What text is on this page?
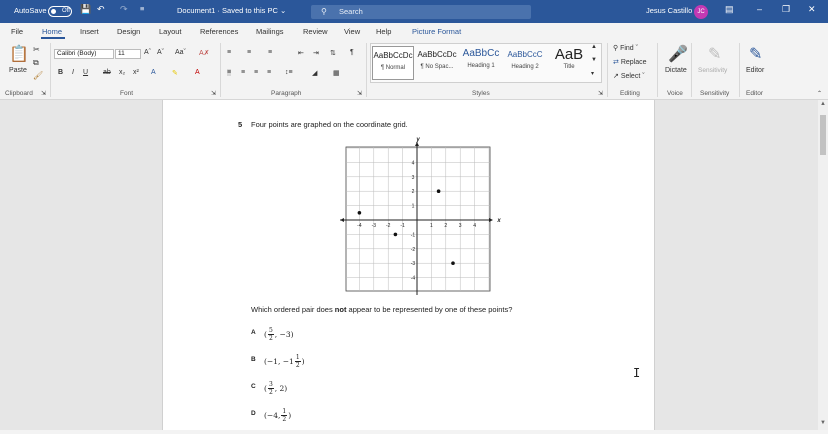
AutoSave	Off 💾 ↶ ↷ ≡	Document1 · Saved to this PC ⌄	⚲ Search	Jesus Castillo JC	▤	– ❐ ✕
File	Home Insert Design Layout References Mailings	Review View Help	Picture Format
📋
Paste
✂
⧉
🖌
Clipboard ⇲
Calibri (Body)	11	Aˆ Aˇ Aaˇ A✗
B I U ab x₂ x² A ✎ A
Font	⇲
≡ ≡ ≡	⇤ ⇥ ⇅ ¶
≡ ≡ ≡ ≡ ↕≡	◢ ▦
Paragraph	⇲
AaBbCcDc
¶ Normal
AaBbCcDc
¶ No Spac...
AaBbCc
Heading 1
AaBbCcC
Heading 2
AaB
Title
▲
▼
▾
Styles	⇲
⚲ Find ˇ
⇄ Replace
↗ Select ˇ
Editing
🎤
Dictate
Voice
✎
Sensitivity
Sensitivity
✎
Editor
Editor	⌃
5 Four points are graphed on the coordinate grid.
-4 -3 -2 -1	1 2 3 4
4
3
2
1
-1
-2
-3
-4
x
y
Which ordered pair does not appear to be represented by one of these points?
A ( $\frac{5}{2}$ , −3)
B (−1, $-1 \frac{1}{2}$ )
C ( $\frac{3}{2}$ , 2)
D (−4, $\frac{1}{2}$ )
▲
▼
I
